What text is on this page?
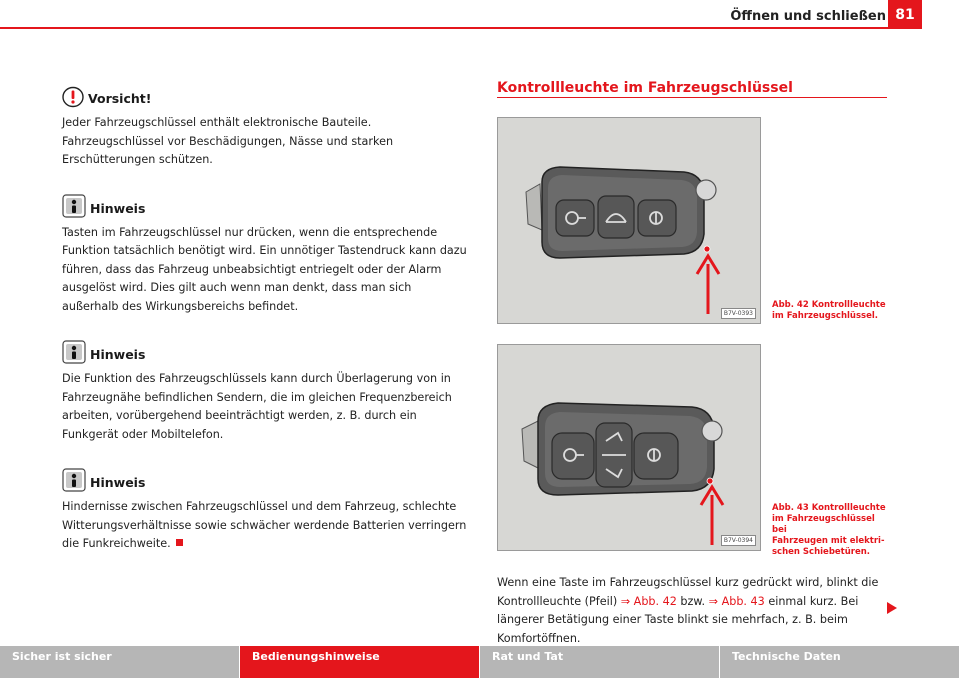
Öffnen und schließen 81
Vorsicht!
Jeder Fahrzeugschlüssel enthält elektronische Bauteile. Fahrzeugschlüssel vor Beschädigungen, Nässe und starken Erschütterungen schützen.
Hinweis
Tasten im Fahrzeugschlüssel nur drücken, wenn die entsprechende Funktion tatsächlich benötigt wird. Ein unnötiger Tastendruck kann dazu führen, dass das Fahrzeug unbeabsichtigt entriegelt oder der Alarm ausgelöst wird. Dies gilt auch wenn man denkt, dass man sich außerhalb des Wirkungsbereichs befindet.
Hinweis
Die Funktion des Fahrzeugschlüssels kann durch Überlagerung von in Fahrzeugnähe befindlichen Sendern, die im gleichen Frequenzbereich arbeiten, vorübergehend beeinträchtigt werden, z. B. durch ein Funkgerät oder Mobiltelefon.
Hinweis
Hindernisse zwischen Fahrzeugschlüssel und dem Fahrzeug, schlechte Witterungsverhältnisse sowie schwächer werdende Batterien verringern die Funkreichweite.
Kontrollleuchte im Fahrzeugschlüssel
B7V-0393
Abb. 42 Kontrollleuchte
im Fahrzeugschlüssel.
B7V-0394
Abb. 43 Kontrollleuchte
im Fahrzeugschlüssel bei
Fahrzeugen mit elektri-
schen Schiebetüren.
Wenn eine Taste im Fahrzeugschlüssel kurz gedrückt wird, blinkt die Kontrollleuchte (Pfeil) ⇒ Abb. 42 bzw. ⇒ Abb. 43 einmal kurz. Bei längerer Betätigung einer Taste blinkt sie mehrfach, z. B. beim Komfortöffnen.
Sicher ist sicher	Bedienungshinweise	Rat und Tat	Technische Daten
